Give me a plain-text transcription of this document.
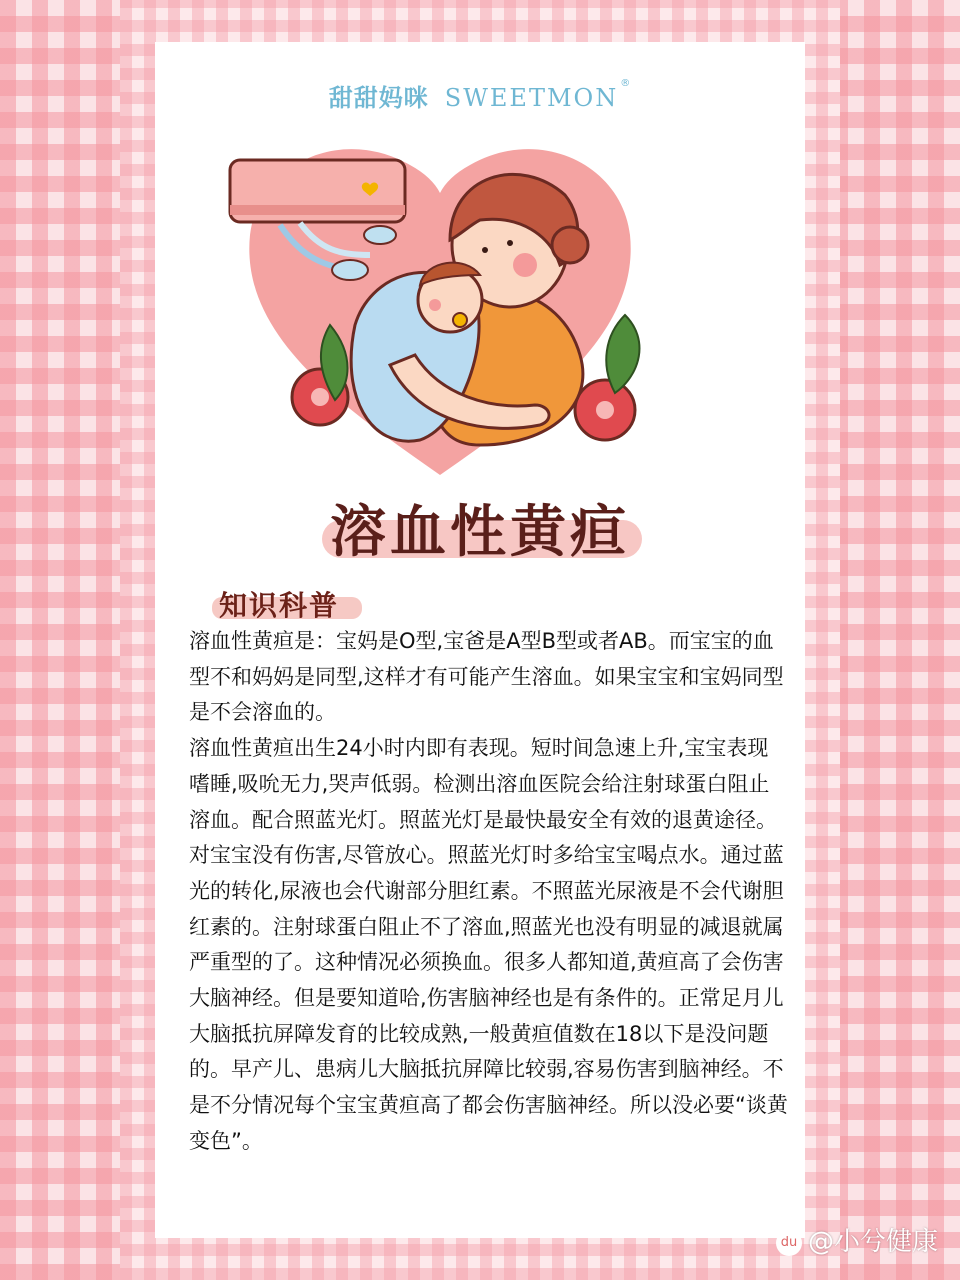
甜甜妈咪 SWEETMON®
溶血性黄疸
知识科普

溶血性黄疸是：宝妈是O型,宝爸是A型B型或者AB。而宝宝的血型不和妈妈是同型,这样才有可能产生溶血。如果宝宝和宝妈同型是不会溶血的。

溶血性黄疸出生24小时内即有表现。短时间急速上升,宝宝表现嗜睡,吸吮无力,哭声低弱。检测出溶血医院会给注射球蛋白阻止溶血。配合照蓝光灯。照蓝光灯是最快最安全有效的退黄途径。对宝宝没有伤害,尽管放心。照蓝光灯时多给宝宝喝点水。通过蓝光的转化,尿液也会代谢部分胆红素。不照蓝光尿液是不会代谢胆红素的。注射球蛋白阻止不了溶血,照蓝光也没有明显的减退就属严重型的了。这种情况必须换血。很多人都知道,黄疸高了会伤害大脑神经。但是要知道哈,伤害脑神经也是有条件的。正常足月儿大脑抵抗屏障发育的比较成熟,一般黄疸值数在18以下是没问题的。早产儿、患病儿大脑抵抗屏障比较弱,容易伤害到脑神经。不是不分情况每个宝宝黄疸高了都会伤害脑神经。所以没必要“谈黄变色”。

du @小兮健康
